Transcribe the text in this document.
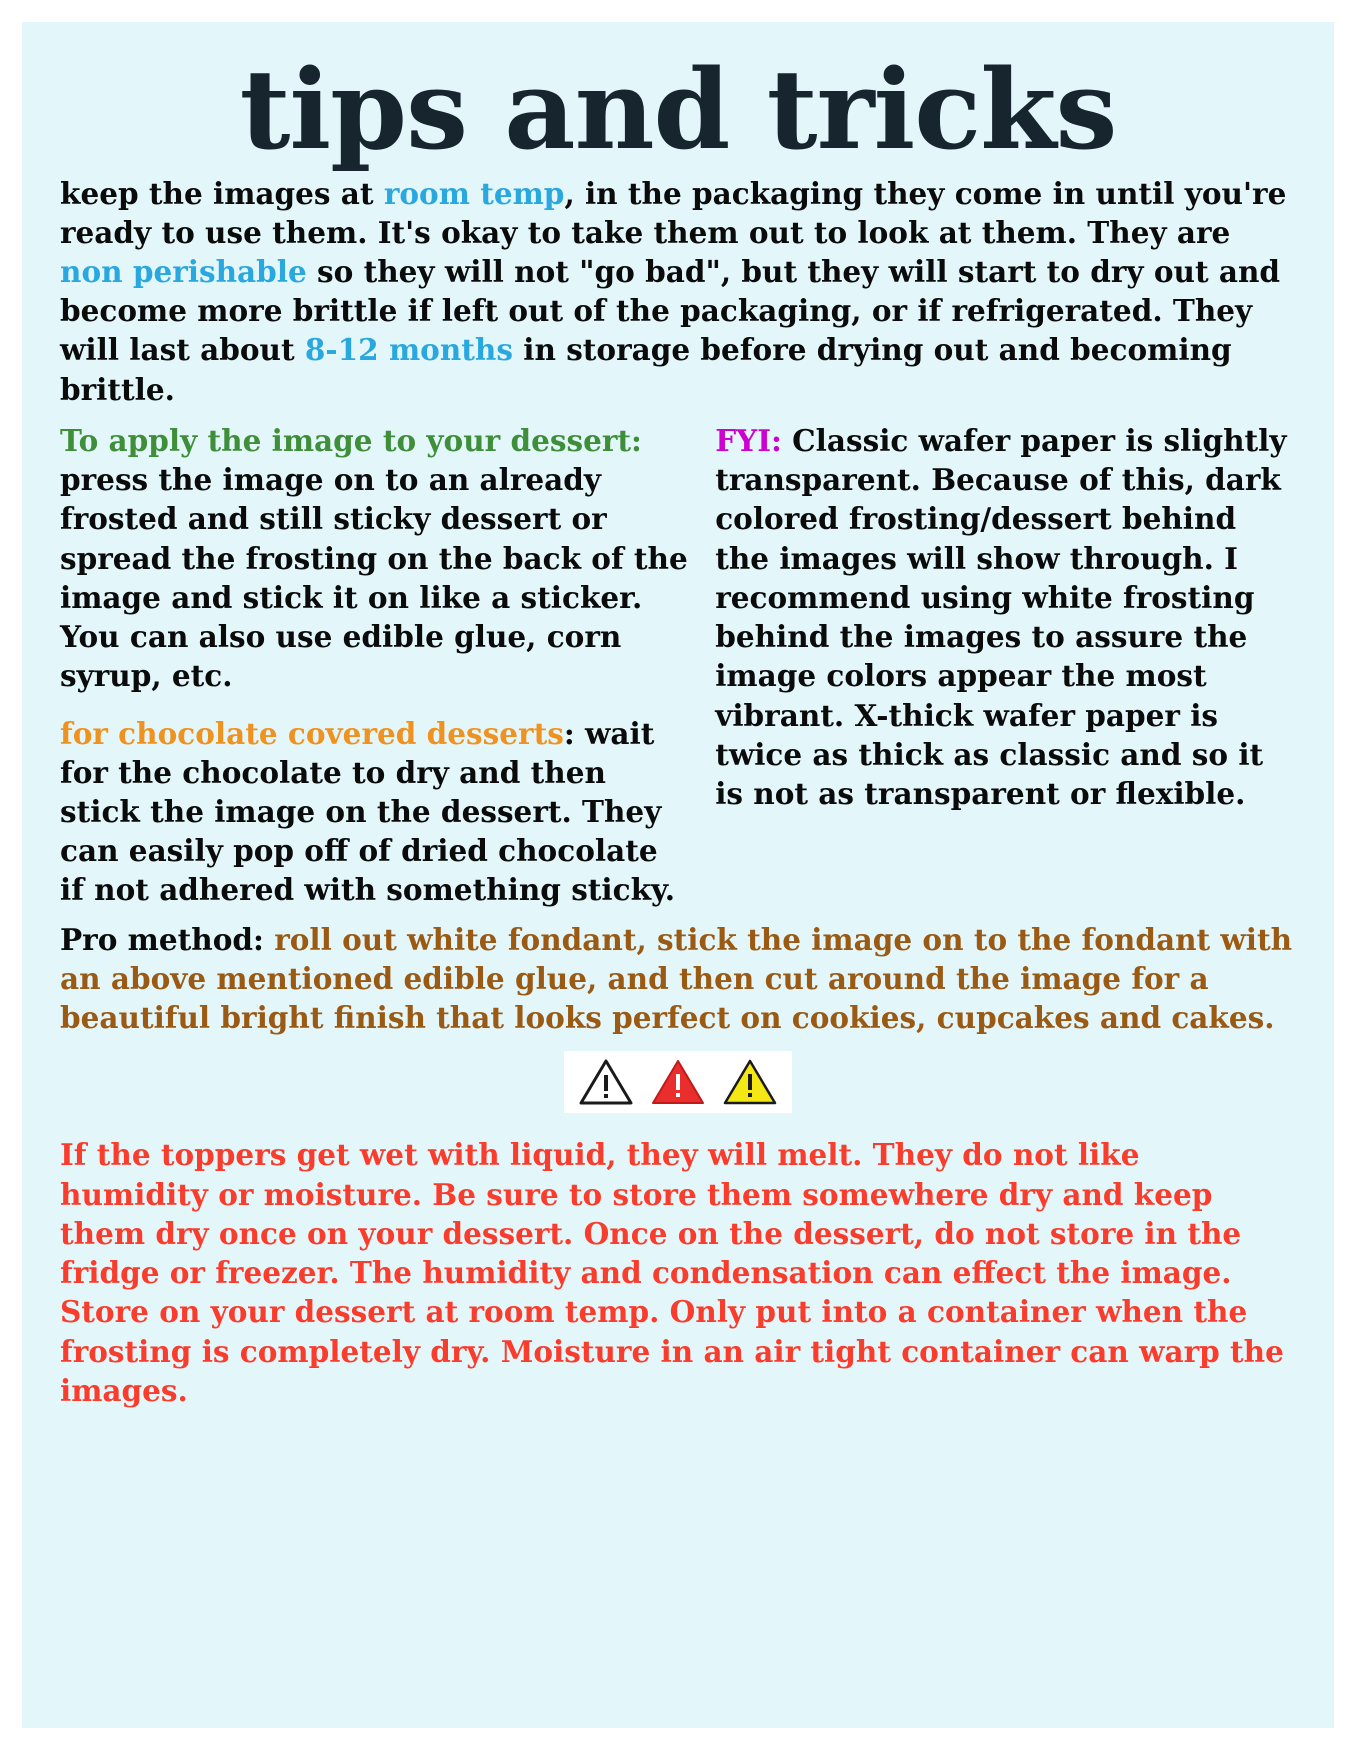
tips and tricks

keep the images at room temp, in the packaging they come in until you're ready to use them. It's okay to take them out to look at them. They are non perishable so they will not "go bad", but they will start to dry out and become more brittle if left out of the packaging, or if refrigerated. They will last about 8-12 months in storage before drying out and becoming brittle.

To apply the image to your dessert: press the image on to an already frosted and still sticky dessert or spread the frosting on the back of the image and stick it on like a sticker. You can also use edible glue, corn syrup, etc.

for chocolate covered desserts: wait for the chocolate to dry and then stick the image on the dessert. They can easily pop off of dried chocolate if not adhered with something sticky.

FYI: Classic wafer paper is slightly transparent. Because of this, dark colored frosting/dessert behind the images will show through. I recommend using white frosting behind the images to assure the image colors appear the most vibrant. X-thick wafer paper is twice as thick as classic and so it is not as transparent or flexible.

Pro method: roll out white fondant, stick the image on to the fondant with an above mentioned edible glue, and then cut around the image for a beautiful bright finish that looks perfect on cookies, cupcakes and cakes.

If the toppers get wet with liquid, they will melt. They do not like humidity or moisture. Be sure to store them somewhere dry and keep them dry once on your dessert. Once on the dessert, do not store in the fridge or freezer. The humidity and condensation can effect the image. Store on your dessert at room temp. Only put into a container when the frosting is completely dry. Moisture in an air tight container can warp the images.
